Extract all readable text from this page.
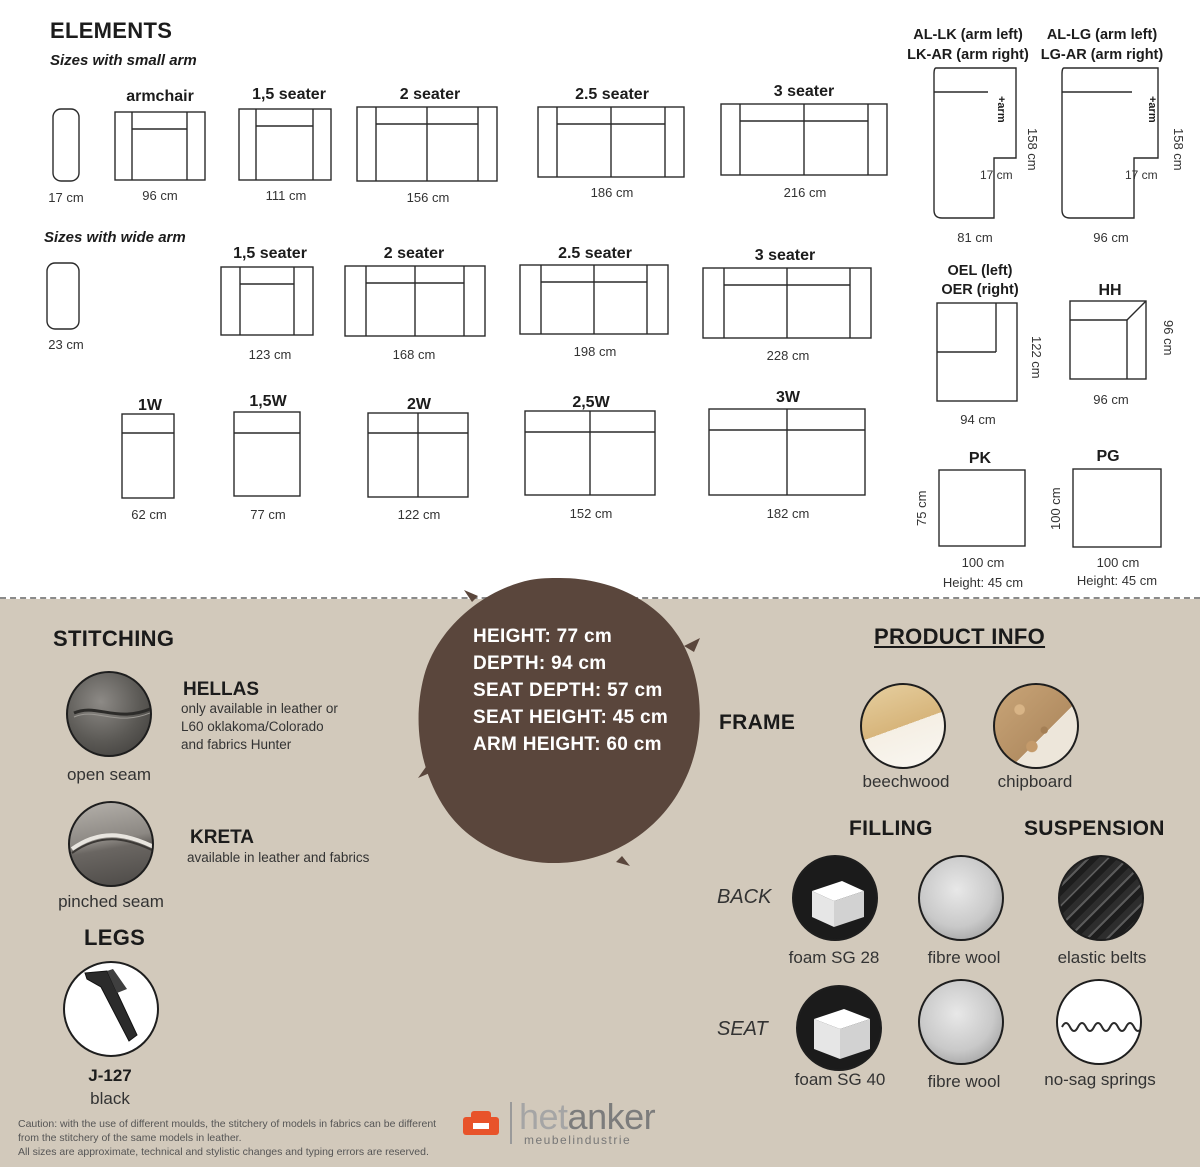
ELEMENTS
Sizes with small arm
17 cm
armchair
96 cm
1,5 seater
111 cm
2 seater
156 cm
2.5 seater
186 cm
3 seater
216 cm
Sizes with wide arm
23 cm
1,5 seater
123 cm
2 seater
168 cm
2.5 seater
198 cm
3 seater
228 cm
1W
62 cm
1,5W
77 cm
2W
122 cm
2,5W
152 cm
3W
182 cm
AL-LK (arm left)
LK-AR (arm right)
+arm
158 cm
17 cm
81 cm
AL-LG (arm left)
LG-AR (arm right)
+arm
158 cm
17 cm
96 cm
OEL (left)
OER (right)
122 cm
94 cm
HH
96 cm
96 cm
PK
75 cm
100 cm
Height: 45 cm
PG
100 cm
100 cm
Height: 45 cm
STITCHING
open seam
HELLAS
only available in leather or
L60 oklakoma/Colorado
and fabrics Hunter
pinched seam
KRETA
available in leather and fabrics
LEGS
J-127
black
Caution: with the use of different moulds, the stitchery of models in fabrics can be different
from the stitchery of the same models in leather.
All sizes are approximate, technical and stylistic changes and typing errors are reserved.
hetanker
meubelindustrie
PRODUCT INFO
FRAME
beechwood	chipboard
FILLING	SUSPENSION
BACK
SEAT
foam SG 28	fibre wool	elastic belts
foam SG 40	fibre wool	no-sag springs
HEIGHT: 77 cm
DEPTH: 94 cm
SEAT DEPTH: 57 cm
SEAT HEIGHT: 45 cm
ARM HEIGHT: 60 cm
